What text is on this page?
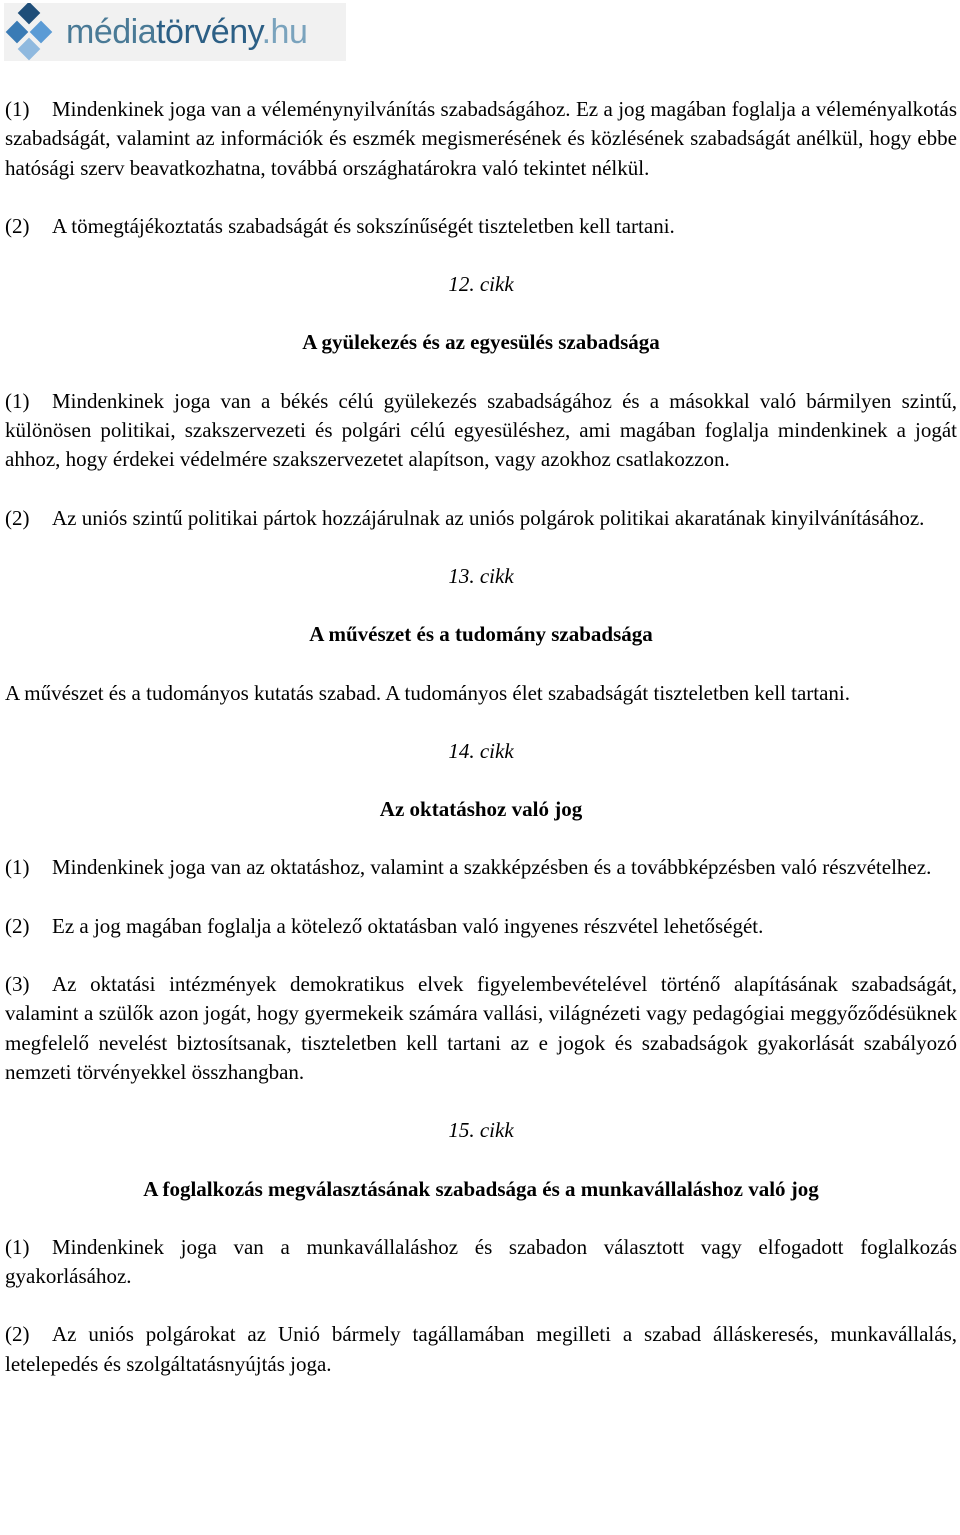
médiatörvény.hu
(1) Mindenkinek joga van a véleménynyilvánítás szabadságához. Ez a jog magában foglalja a véleményalkotás szabadságát, valamint az információk és eszmék megismerésének és közlésének szabadságát anélkül, hogy ebbe hatósági szerv beavatkozhatna, továbbá országhatárokra való tekintet nélkül.
(2) A tömegtájékoztatás szabadságát és sokszínűségét tiszteletben kell tartani.
12. cikk
A gyülekezés és az egyesülés szabadsága
(1) Mindenkinek joga van a békés célú gyülekezés szabadságához és a másokkal való bármilyen szintű, különösen politikai, szakszervezeti és polgári célú egyesüléshez, ami magában foglalja mindenkinek a jogát ahhoz, hogy érdekei védelmére szakszervezetet alapítson, vagy azokhoz csatlakozzon.
(2) Az uniós szintű politikai pártok hozzájárulnak az uniós polgárok politikai akaratának kinyilvánításához.
13. cikk
A művészet és a tudomány szabadsága
A művészet és a tudományos kutatás szabad. A tudományos élet szabadságát tiszteletben kell tartani.
14. cikk
Az oktatáshoz való jog
(1) Mindenkinek joga van az oktatáshoz, valamint a szakképzésben és a továbbképzésben való részvételhez.
(2) Ez a jog magában foglalja a kötelező oktatásban való ingyenes részvétel lehetőségét.
(3) Az oktatási intézmények demokratikus elvek figyelembevételével történő alapításának szabadságát, valamint a szülők azon jogát, hogy gyermekeik számára vallási, világnézeti vagy pedagógiai meggyőződésüknek megfelelő nevelést biztosítsanak, tiszteletben kell tartani az e jogok és szabadságok gyakorlását szabályozó nemzeti törvényekkel összhangban.
15. cikk
A foglalkozás megválasztásának szabadsága és a munkavállaláshoz való jog
(1) Mindenkinek joga van a munkavállaláshoz és szabadon választott vagy elfogadott foglalkozás gyakorlásához.
(2) Az uniós polgárokat az Unió bármely tagállamában megilleti a szabad álláskeresés, munkavállalás, letelepedés és szolgáltatásnyújtás joga.
